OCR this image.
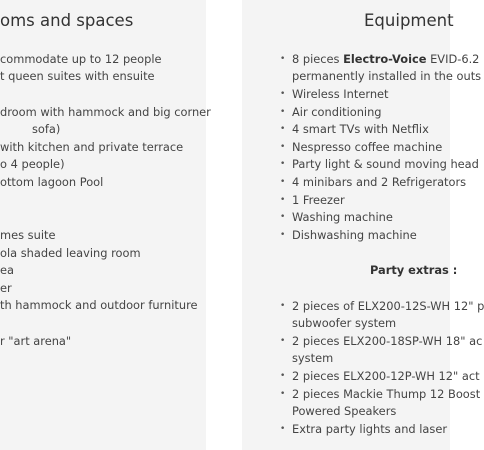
oms and spaces
commodate up to 12 people
t queen suites with ensuite
droom with hammock and big corner
sofa)
with kitchen and private terrace
o 4 people)
ottom lagoon Pool
mes suite
ola shaded leaving room
ea
er
th hammock and outdoor furniture
r "art arena"
Equipment
• 8 pieces Electro-Voice EVID-6.2
permanently installed in the outs
• Wireless Internet
• Air conditioning
• 4 smart TVs with Netflix
• Nespresso coffee machine
• Party light & sound moving head
• 4 minibars and 2 Refrigerators
• 1 Freezer
• Washing machine
• Dishwashing machine
Party extras :
• 2 pieces of ELX200-12S-WH 12" p
subwoofer system
• 2 pieces ELX200-18SP-WH 18" ac
system
• 2 pieces ELX200-12P-WH 12" act
• 2 pieces Mackie Thump 12 Boost
Powered Speakers
• Extra party lights and laser
